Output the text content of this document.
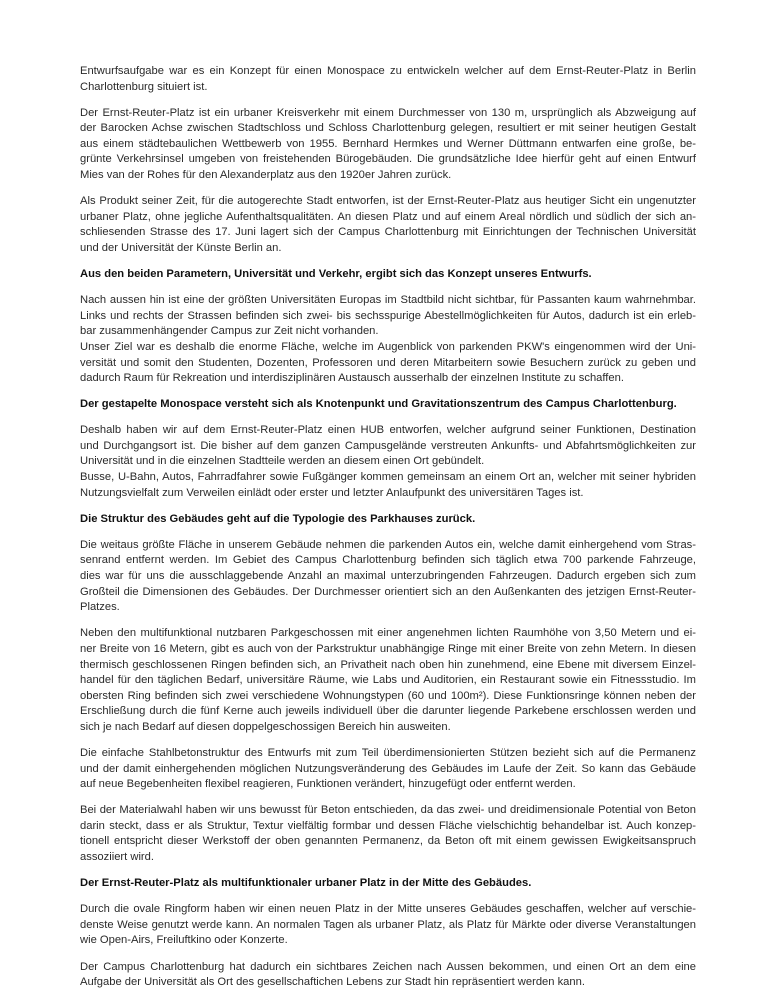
Entwurfsaufgabe war es ein Konzept für einen Monospace zu entwickeln welcher auf dem Ernst-Reuter-Platz in Berlin
Charlottenburg situiert ist.

Der Ernst-Reuter-Platz ist ein urbaner Kreisverkehr mit einem Durchmesser von 130 m, ursprünglich als Abzweigung auf
der Barocken Achse zwischen Stadtschloss und Schloss Charlottenburg gelegen, resultiert er mit seiner heutigen Gestalt
aus einem städtebaulichen Wettbewerb von 1955. Bernhard Hermkes und Werner Düttmann entwarfen eine große, be-
grünte Verkehrsinsel umgeben von freistehenden Bürogebäuden. Die grundsätzliche Idee hierfür geht auf einen Entwurf
Mies van der Rohes für den Alexanderplatz aus den 1920er Jahren zurück.

Als Produkt seiner Zeit, für die autogerechte Stadt entworfen, ist der Ernst-Reuter-Platz aus heutiger Sicht ein ungenutzter
urbaner Platz, ohne jegliche Aufenthaltsqualitäten. An diesen Platz und auf einem Areal nördlich und südlich der sich an-
schliesenden Strasse des 17. Juni lagert sich der Campus Charlottenburg mit Einrichtungen der Technischen Universität
und der Universität der Künste Berlin an.

Aus den beiden Parametern, Universität und Verkehr, ergibt sich das Konzept unseres Entwurfs.

Nach aussen hin ist eine der größten Universitäten Europas im Stadtbild nicht sichtbar, für Passanten kaum wahrnehmbar.
Links und rechts der Strassen befinden sich zwei- bis sechsspurige Abestellmöglichkeiten für Autos, dadurch ist ein erleb-
bar zusammenhängender Campus zur Zeit nicht vorhanden.
Unser Ziel war es deshalb die enorme Fläche, welche im Augenblick von parkenden PKW's eingenommen wird der Uni-
versität und somit den Studenten, Dozenten, Professoren und deren Mitarbeitern sowie Besuchern zurück zu geben und
dadurch Raum für Rekreation und interdisziplinären Austausch ausserhalb der einzelnen Institute zu schaffen.

Der gestapelte Monospace versteht sich als Knotenpunkt und Gravitationszentrum des Campus Charlottenburg.

Deshalb haben wir auf dem Ernst-Reuter-Platz einen HUB entworfen, welcher aufgrund seiner Funktionen, Destination
und Durchgangsort ist. Die bisher auf dem ganzen Campusgelände verstreuten Ankunfts- und Abfahrtsmöglichkeiten zur
Universität und in die einzelnen Stadtteile werden an diesem einen Ort gebündelt.
Busse, U-Bahn, Autos, Fahrradfahrer sowie Fußgänger kommen gemeinsam an einem Ort an, welcher mit seiner hybriden
Nutzungsvielfalt zum Verweilen einlädt oder erster und letzter Anlaufpunkt des universitären Tages ist.

Die Struktur des Gebäudes geht auf die Typologie des Parkhauses zurück.

Die weitaus größte Fläche in unserem Gebäude nehmen die parkenden Autos ein, welche damit einhergehend vom Stras-
senrand entfernt werden. Im Gebiet des Campus Charlottenburg befinden sich täglich etwa 700 parkende Fahrzeuge,
dies war für uns die ausschlaggebende Anzahl an maximal unterzubringenden Fahrzeugen. Dadurch ergeben sich zum
Großteil die Dimensionen des Gebäudes. Der Durchmesser orientiert sich an den Außenkanten des jetzigen Ernst-Reuter-
Platzes.

Neben den multifunktional nutzbaren Parkgeschossen mit einer angenehmen lichten Raumhöhe von 3,50 Metern und ei-
ner Breite von 16 Metern, gibt es auch von der Parkstruktur unabhängige Ringe mit einer Breite von zehn Metern. In diesen
thermisch geschlossenen Ringen befinden sich, an Privatheit nach oben hin zunehmend, eine Ebene mit diversem Einzel-
handel für den täglichen Bedarf, universitäre Räume, wie Labs und Auditorien, ein Restaurant sowie ein Fitnessstudio. Im
obersten Ring befinden sich zwei verschiedene Wohnungstypen (60 und 100m²). Diese Funktionsringe können neben der
Erschließung durch die fünf Kerne auch jeweils individuell über die darunter liegende Parkebene erschlossen werden und
sich je nach Bedarf auf diesen doppelgeschossigen Bereich hin ausweiten.

Die einfache Stahlbetonstruktur des Entwurfs mit zum Teil überdimensionierten Stützen bezieht sich auf die Permanenz
und der damit einhergehenden möglichen Nutzungsveränderung des Gebäudes im Laufe der Zeit. So kann das Gebäude
auf neue Begebenheiten flexibel reagieren, Funktionen verändert, hinzugefügt oder entfernt werden.

Bei der Materialwahl haben wir uns bewusst für Beton entschieden, da das zwei- und dreidimensionale Potential von Beton
darin steckt, dass er als Struktur, Textur vielfältig formbar und dessen Fläche vielschichtig behandelbar ist. Auch konzep-
tionell entspricht dieser Werkstoff der oben genannten Permanenz, da Beton oft mit einem gewissen Ewigkeitsanspruch
assoziiert wird.

Der Ernst-Reuter-Platz als multifunktionaler urbaner Platz in der Mitte des Gebäudes.

Durch die ovale Ringform haben wir einen neuen Platz in der Mitte unseres Gebäudes geschaffen, welcher auf verschie-
denste Weise genutzt werde kann. An normalen Tagen als urbaner Platz, als Platz für Märkte oder diverse Veranstaltungen
wie Open-Airs, Freiluftkino oder Konzerte.

Der Campus Charlottenburg hat dadurch ein sichtbares Zeichen nach Aussen bekommen, und einen Ort an dem eine
Aufgabe der Universität als Ort des gesellschaftichen Lebens zur Stadt hin repräsentiert werden kann.
